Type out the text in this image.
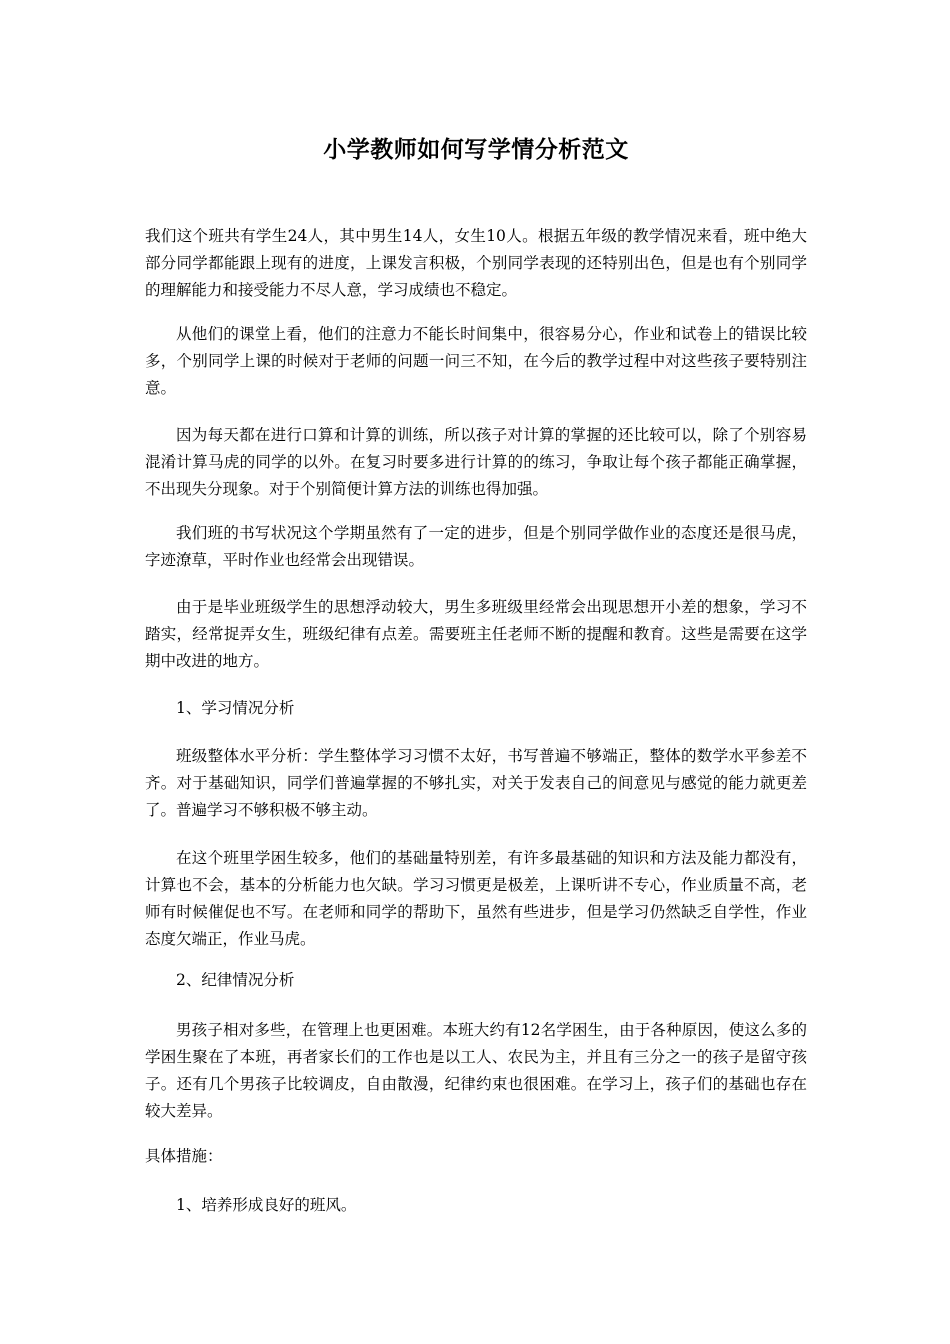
小学教师如何写学情分析范文

我们这个班共有学生24人，其中男生14人，女生10人。根据五年级的教学情况来看，班中绝大部分同学都能跟上现有的进度，上课发言积极，个别同学表现的还特别出色，但是也有个别同学的理解能力和接受能力不尽人意，学习成绩也不稳定。

从他们的课堂上看，他们的注意力不能长时间集中，很容易分心，作业和试卷上的错误比较多，个别同学上课的时候对于老师的问题一问三不知，在今后的教学过程中对这些孩子要特别注意。

因为每天都在进行口算和计算的训练，所以孩子对计算的掌握的还比较可以，除了个别容易混淆计算马虎的同学的以外。在复习时要多进行计算的的练习，争取让每个孩子都能正确掌握，不出现失分现象。对于个别简便计算方法的训练也得加强。

我们班的书写状况这个学期虽然有了一定的进步，但是个别同学做作业的态度还是很马虎，字迹潦草，平时作业也经常会出现错误。

由于是毕业班级学生的思想浮动较大，男生多班级里经常会出现思想开小差的想象，学习不踏实，经常捉弄女生，班级纪律有点差。需要班主任老师不断的提醒和教育。这些是需要在这学期中改进的地方。

1、学习情况分析

班级整体水平分析：学生整体学习习惯不太好，书写普遍不够端正，整体的数学水平参差不齐。对于基础知识，同学们普遍掌握的不够扎实，对关于发表自己的间意见与感觉的能力就更差了。普遍学习不够积极不够主动。

在这个班里学困生较多，他们的基础量特别差，有许多最基础的知识和方法及能力都没有，计算也不会，基本的分析能力也欠缺。学习习惯更是极差，上课听讲不专心，作业质量不高，老师有时候催促也不写。在老师和同学的帮助下，虽然有些进步，但是学习仍然缺乏自学性，作业态度欠端正，作业马虎。

2、纪律情况分析

男孩子相对多些，在管理上也更困难。本班大约有12名学困生，由于各种原因，使这么多的学困生聚在了本班，再者家长们的工作也是以工人、农民为主，并且有三分之一的孩子是留守孩子。还有几个男孩子比较调皮，自由散漫，纪律约束也很困难。在学习上，孩子们的基础也存在较大差异。

具体措施：

1、培养形成良好的班风。
